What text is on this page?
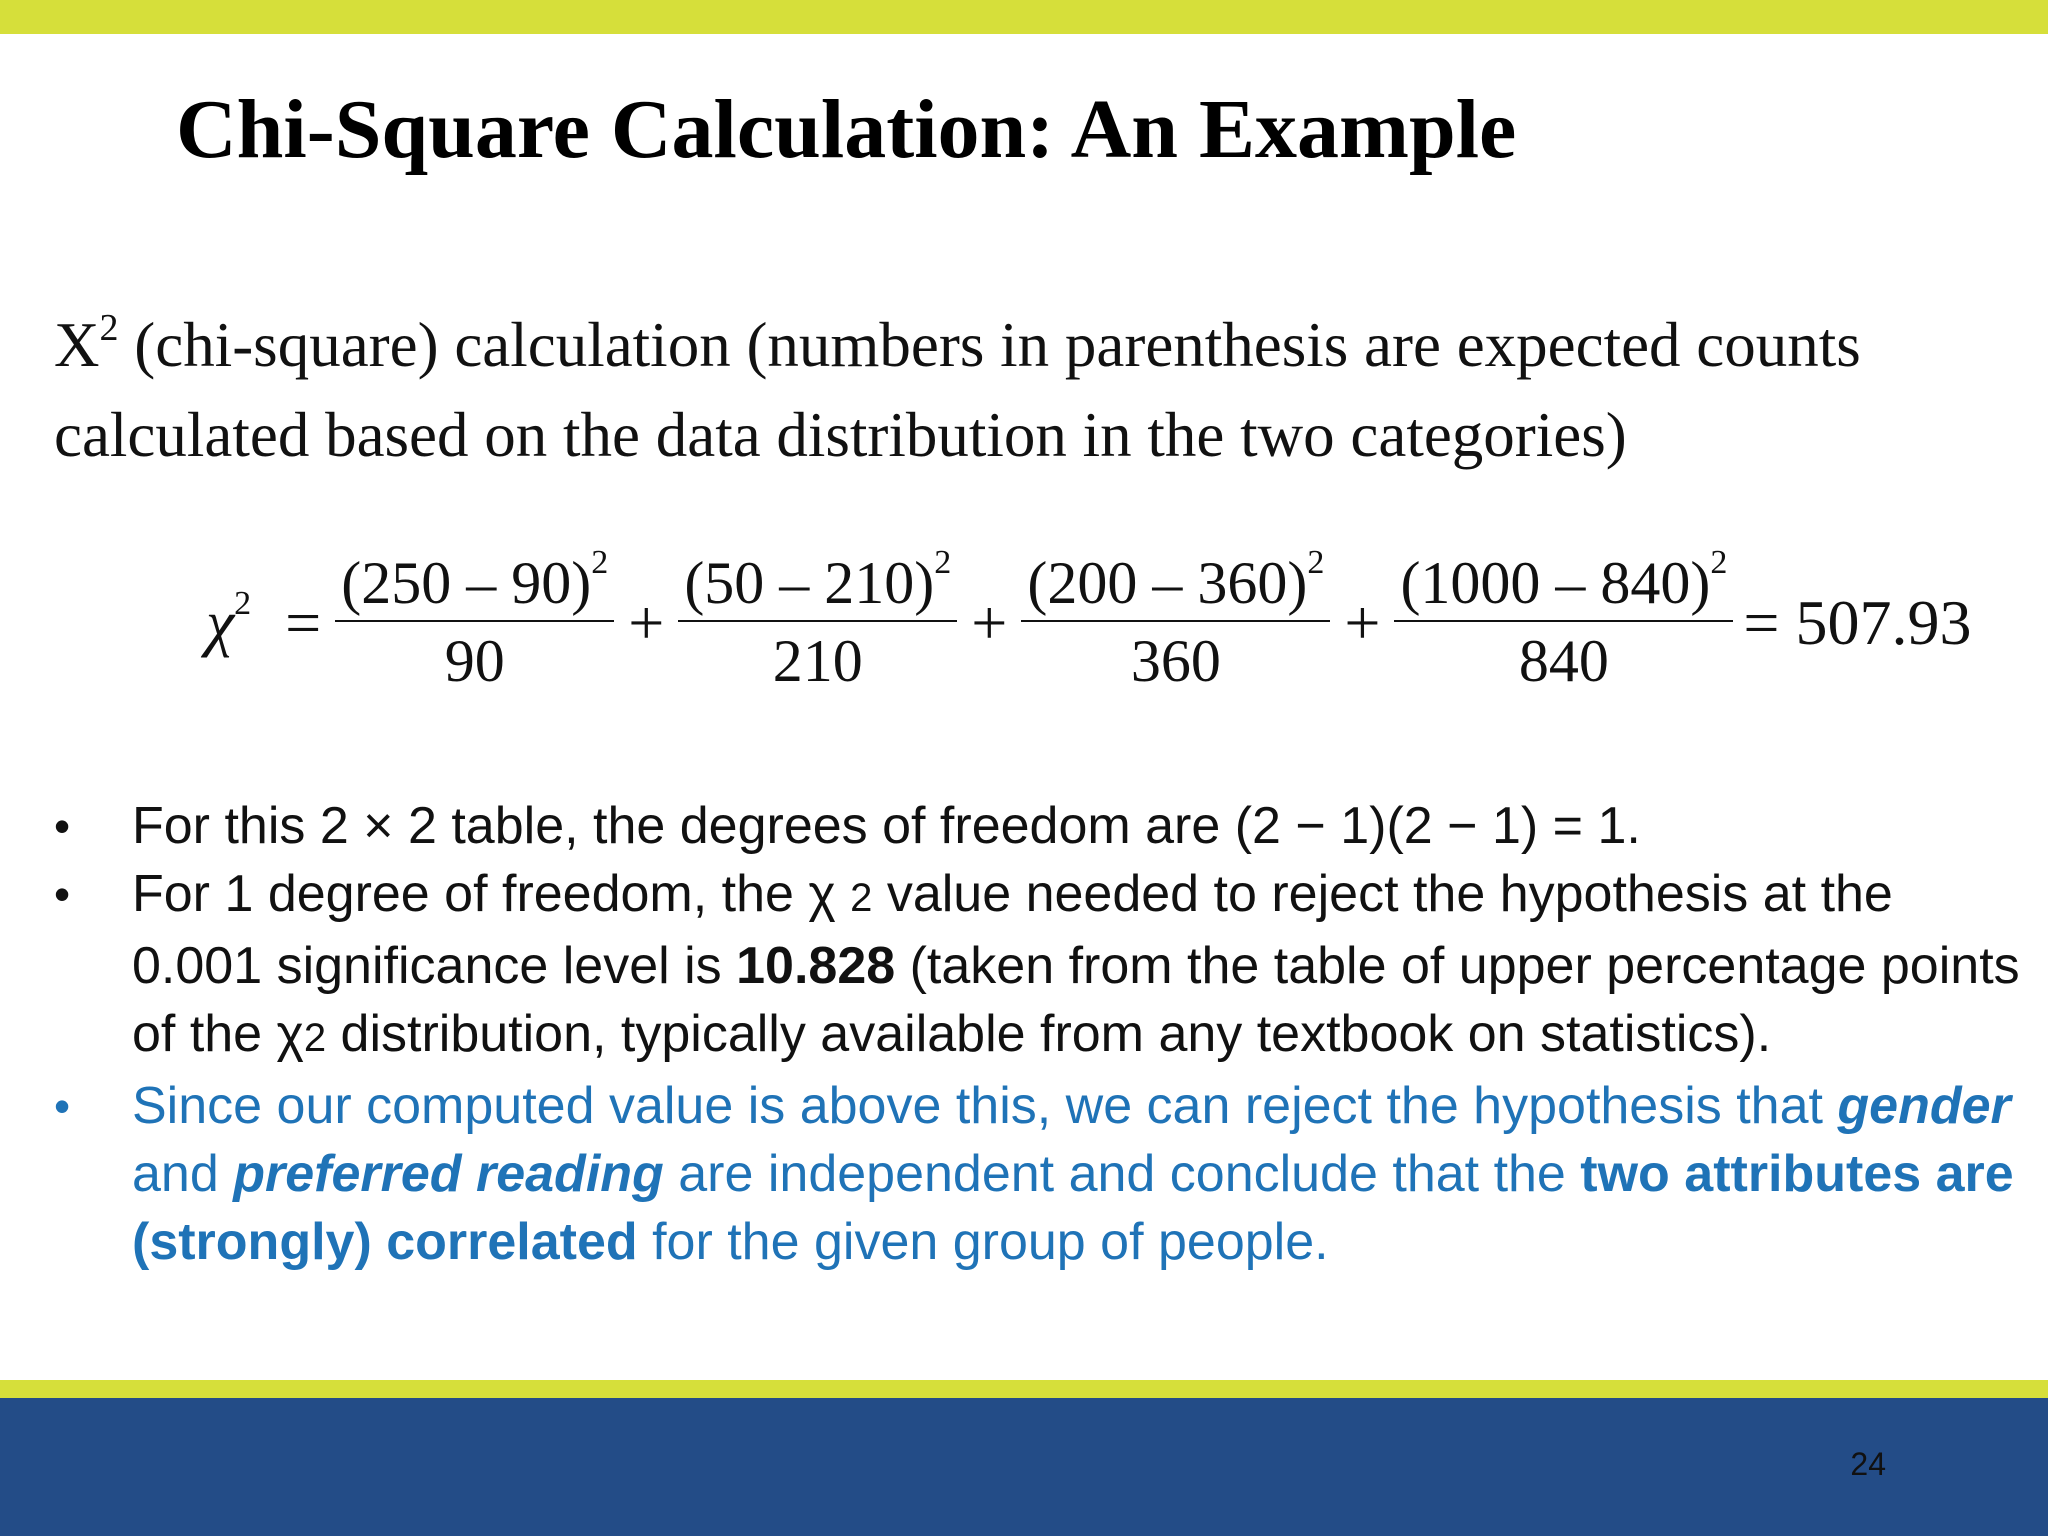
Chi-Square Calculation: An Example
$X^2$ (chi-square) calculation (numbers in parenthesis are expected counts
calculated based on the data distribution in the two categories)
$\chi^2 = \frac{(250 - 90)^2}{90} + \frac{(50 - 210)^2}{210} + \frac{(200 - 360)^2}{360} + \frac{(1000 - 840)^2}{840} = 507.93$
•	For this 2 × 2 table, the degrees of freedom are (2 − 1)(2 − 1) = 1.
•	For 1 degree of freedom, the χ 2 value needed to reject the hypothesis at the 0.001 significance level is 10.828 (taken from the table of upper percentage points of the χ2 distribution, typically available from any textbook on statistics).
•	Since our computed value is above this, we can reject the hypothesis that gender and preferred reading are independent and conclude that the two attributes are (strongly) correlated for the given group of people.
24
